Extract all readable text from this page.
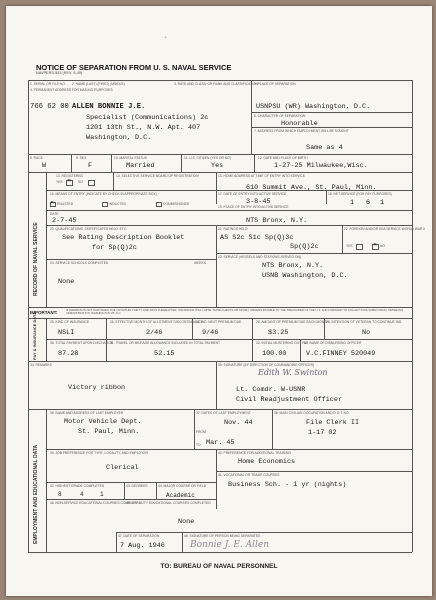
+
NOTICE OF SEPARATION FROM U. S. NAVAL SERVICE
NAVPERS-553 (REV. 8-45)
1. SERIAL OR FILE NO. 2. NAME (LAST) (FIRST) (MIDDLE)	3. RATE AND CLASS/ OR RANK AND CLASSIFICATION
4. PERMANENT ADDRESS FOR MAILING PURPOSES
5. PLACE OF SEPARATION
766 62 00 ALLEN BONNIE J.E.
Specialist (Communications) 2c
1201 13th St., N.W. Apt. 407
Washington, D.C.
USNPSU (WR) Washington, D.C.
6. CHARACTER OF SEPARATION
Honorable
7. ADDRESS FROM WHICH EMPLOYMENT WILL BE SOUGHT
Same as 4
8. RACE	9. SEX	10. MARITAL STATUS	11. U.S. CITIZEN (YES OR NO)	12. DATE AND PLACE OF BIRTH
W	F	Married	Yes	1-27-25 Milwaukee,Wisc.
RECORD OF NAVAL SERVICE
13. REGISTERED	14. SELECTIVE SERVICE BOARD OF REGISTRATION	15. HOME ADDRESS AT TIME OF ENTRY INTO SERVICE
YES	NO
✕
610 Summit Ave., St. Paul, Minn.
16. MEANS OF ENTRY (INDICATE BY CHECK IN APPROPRIATE BOX)
ENLISTED	INDUCTED	COMMISSIONED
✕
17. DATE OF ENTRY INTO ACTIVE SERVICE	18. NET SERVICE (FOR PAY PURPOSES)
3-8-45	1 6 1
DATE
2-7-45
19. PLACE OF ENTRY INTO ACTIVE SERVICE
NTS Bronx, N.Y.
20. QUALIFICATIONS, CERTIFICATES HELD, ETC.	21. RATINGS HELD	22. FOREIGN AND/OR SEA SERVICE WORLD WAR II
See Rating Description Booklet
for Sp(Q)2c
AS S2c S1c Sp(Q)3c
Sp(Q)2c	YES	NO
✕
23. SERVICE (VESSELS AND STATIONS SERVED ON)
NTS Bronx, N.Y.
USNB Washington, D.C.
24. SERVICE SCHOOLS COMPLETED	WEEKS
None
IMPORTANT:	IF PREMIUM IS NOT PAID WHEN DUE OR WITHIN THIRTY-ONE DAYS THEREAFTER, INSURANCE WILL LAPSE. MAKE CHECKS OR MONEY ORDERS PAYABLE TO THE TREASURER OF THE U.S. AND FORWARD TO COLLECTIONS SUBDIVISION, VETERANS ADMINISTRATION, WASHINGTON 25, D.C.
PAY & INSURANCE DATA	25. KIND OF INSURANCE	26. EFFECTIVE MONTH OF ALLOTMENT DISCONTINUANCE
27. NO. NEXT PREMIUM DUE	28. AMOUNT OF PREMIUM DUE EACH MONTH
29. INTENTION OF VETERAN TO CONTINUE INS.
NSLI	2/46	9/46	$3.25	No
30. TOTAL PAYMENT UPON DISCHARGE
31. TRAVEL OR MILEAGE ALLOWANCE INCLUDED IN TOTAL PAYMENT	32. INITIAL MUSTERING OUT PAY
33. NAME OF DISBURSING OFFICER
87.28	52.15	100.00	V.C.FINNEY 520049
34. REMARKS	35. SIGNATURE (BY DIRECTION OF COMMANDING OFFICER)
Victory ribbon
Edith W. Swinton
Lt. Comdr. W-USNR
Civil Readjustment Officer
EMPLOYMENT AND EDUCATIONAL DATA
36. NAME AND ADDRESS OF LAST EMPLOYER	37. DATES OF LAST EMPLOYMENT	38. MAIN CIVILIAN OCCUPATION AND D.O.T. NO.
Motor Vehicle Dept.
St. Paul, Minn.	FROM
Nov. 44
TO Mar. 45
File Clerk II
1-17 02
39. JOB PREFERENCE FOR TYPE, LOCALITY, AND EMPLOYER	40. PREFERENCE FOR ADDITIONAL TRAINING
Clerical
Home Economics
41. VOCATIONAL OR TRADE COURSES
Business Sch. - 1 yr (nights)
42. HIGHEST GRADE COMPLETED	43. DEGREES	44. MAJOR COURSE OR FIELD
8	4	1	Academic
46. NON-SERVICE EDUCATIONAL COURSES COMPLETED
45. OFF DUTY EDUCATIONAL COURSES COMPLETED
None
47. DATE OF SEPARATION	48. SIGNATURE OF PERSON BEING SEPARATED
7 Aug. 1946	Bonnie J. E. Allen
TO: BUREAU OF NAVAL PERSONNEL
